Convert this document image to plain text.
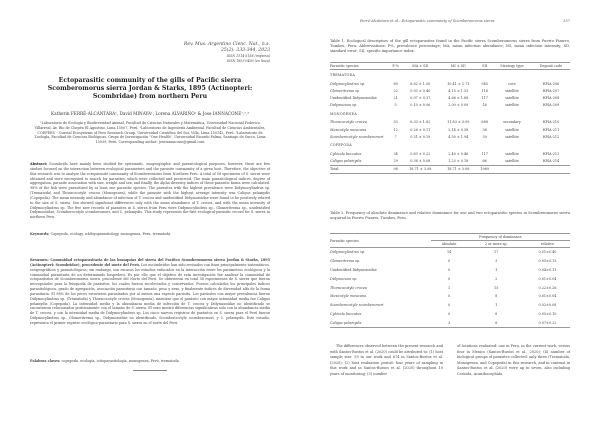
Rev. Mus. Argentino Cienc. Nat., n.s.
25(2): 333-344, 2023
ISSN 1514-5158 (impresa)
ISSN 1853-0400 (en línea)
Ectoparasitic community of the gills of Pacific sierra Scomberomorus sierra Jordan & Starks, 1895 (Actinopteri: Scombridae) from northern Peru
Katherin FERRÉ-ALCÁNTARA¹, David MINAYA¹, Lorena ALVARIÑO¹ & Jose IANNACONE¹,²,³
¹Laboratorio de Ecología y Biodiversidad Animal, Facultad de Ciencias Naturales y Matemática, Universidad Nacional Federico Villarreal, Av. Río de Chepén El Agustino, Lima 15007, Perú. ²Laboratorio de Ingeniería Ambiental. Facultad de Ciencias Ambientales, COEPERU - Coastal Ecosystems of Peru Research Group, Universidad Científica del Sur, Villa, Lima 150142, Perú. ³Laboratorio de Zoología, Facultad de Ciencias Biológicas, Grupo de Investigación "One Health", Universidad Ricardo Palma, Santiago de Surco, Lima 15039, Perú. Corresponding author: joseiannacone@gmail.com
Abstract: Scombrids have mainly been studied for systematic, zoogeographic and parasitological purposes; however, there are few studies focused on the interaction between ecological parameters and the parasite community of a given host. Therefore, the objective of this research was to analyze the ectoparasite community of Scomberomorus from Northern Peru. A total of 58 specimens of S. sierra were obtained and were necropsied to search for parasites, which were collected and preserved. The main parasitological indices, degree of aggregation, parasite association with size, weight and sex, and finally, the alpha diversity indices of these parasitic fauna were calculated. 98% of the fish were parasitized by at least one parasitic species. The parasites with the highest prevalence were Didymocylindrus sp. (Trematoda) and Thoracocotyle crocea (Monogenea), while the parasite with the highest average intensity was Caligus pelamydis (Copepoda). The mean intensity and abundance of infection of T. crocea and unidentified Didymozoidae were found to be positively related to the size of S. sierra. Sex showed significant differences only with the mean abundance of T. crocea, and with the mean intensity of Didymocylindrus sp. The five new records of parasites in S. sierra from Peru were Didymocylindrus sp., Glomeritrema sp., unidentified Didymozoidae, Scomberocotyle scomberomori, and C. pelamydis. This study represents the first ecological-parasitic record for S. sierra in northern Peru.
Keywords: Copepoda, ecology, ichthyoparasitology, monogenea, Peru, trematoda
Resumen: Comunidad ectoparasitaria de las branquias del sierra del Pacífico Scomberomorus sierra Jordan & Starks, 1895 (Actinopteri: Scombridae), procedente del norte del Perú. Los escómbridos han sido revisados con fines principalmente sistemáticos, zoogeográficos y parasitológicos; sin embargo, son escasos los estudios enfocados en la interacción entre los parámetros ecológicos y la comunidad parasitaria de un determinado hospedero. Es por ello que el objetivo de esta investigación fue analizar la comunidad de ectoparásitos de Scomberomorus sierra, procedente del Norte del Perú. Se obtuvieron en total 58 especímenes de S. sierra que fueron necropsiados para la búsqueda de parásitos, los cuales fueron recolectados y conservados. Fueron calculados los principales índices parasitológicos, grado de agregación, asociación parasitaria con tamaño, peso y sexo, y finalmente índices de diversidad alfa de la fauna parasitaria. El 98% de los peces estuvieron parasitados por al menos una especie parásita. Los parásitos con mayor prevalencia fueron Didymocylindrus sp. (Trematoda) y Thoracocotyle crocea (Monogenea), mientras que el parásito con mayor intensidad media fue Caligus pelamydis (Copepoda). La intensidad media y la abundancia media de infección de T. crocea y Didymozoidae no identificado se encontraron relacionados positivamente con el tamaño de S. sierra. El sexo mostró diferencias significativas solo con la abundancia media de T. crocea, y con la intensidad media de Didymocylindrus sp. Los cinco nuevos registros de parásitos en S. sierra para el Perú fueron Didymocylindrus sp., Glomeritrema sp., Didymozoidae no identificado, Scomberocotyle scomberomori, y C. pelamydis. Este estudio, representa el primer registro ecológico-parasitario para S. sierra en el norte del Perú.
Palabras claves: copepoda, ecología, ictioparasitología, monogenea, Perú, trematoda
Ferré-Alcántara et al.: Ectoparasitic community of Scomberomorus sierra	337
Table 1. Ecological descriptors of the gill ectoparasites found in the Pacific sierra Scomberomorus sierra from Puerto Pizarro, Tumbes, Peru. Abbreviations: P%, prevalence percentage; MA, mean infection abundance; MI, mean infection intensity; SD, standard error; SII, specific importance index.
Parasitic species	P %	MA ± SD	MI ± SD	SII	Strategy type	Deposit code
TREMATODA						
Didymocylindrus sp.	80	8.62 ± 1.50	10.41 ± 1.71	945	core	HPIA-206
Glomeritrema sp.	22	0.93 ± 0.40	4.15 ± 1.53	116	satellite	HPIA-207
Unidentified Didymozoidae	21	0.97 ± 0.37	4.66 ± 1.68	117	satellite	HPIA-208
Didymozoon sp.	5	0.10 ± 0.06	2.00 ± 0.09	16	satellite	HPIA-209
MONOGENEA						
Thoracocotyle crocea	53	6.33 ± 1.82	11.83 ± 3.09	688	secondary	HPIA-210
Mexicotyle mexicana	12	0.26 ± 0.11	2.14 ± 0.58	38	satellite	HPIA-211
Scomberocotyle scomberomori	7	0.31 ± 0.19	4.50 ± 1.94	39	satellite	HPIA-212
COPEPODA						
Cybicola buccatus	34	0.83 ± 0.22	2.40 ± 0.46	117	satellite	HPIA-213
Caligus pelamydis	29	0.36 ± 0.08	1.23 ± 0.18	66	satellite	HPIA-214
Total	98	18.71 ± 3.08	18.71 ± 3.08	1969		
Table 2. Frequency of absolute dominance and relative dominance for one and two ectoparasitic species in Scomberomorus sierra acquired in Puerto Pizarro, Tumbes, Peru.
Parasitic species	Frequency of dominance		
	absolute	2 or more sp.	relative
Didymocylindrus sp.	14	17	0.51±0.40
Glomeritrema sp.	0	3	0.05±0.13
Unidentified Didymozoidae	0	1	0.04±0.11
Didymozoon sp.	0	2	0.01±0.04
Thoracocotyle crocea	1	15	0.22±0.26
Mexicotyle mexicana	0	8	0.01±0.04
Scomberocotyle scomberomori	0	1	0.02±0.08
Cybicola buccatus	0	8	0.05±0.10
Caligus pelamydis	3	8	0.07±0.22
The differences observed between the present research and with Santos-Bustos et al. (2020) could be attributed to: (1) host sample size: 59 in our work and 674 in Santos-Bustos et al. (2020); (2) host evaluation period: four years of sampling in this work and in Santos-Bustos et al. (2020) throughout 10 years of monitoring; (3) number
of locations evaluated: one in Peru, in the current work, versus four in Mexico (Santos-Bustos et al., 2020); (4) number of biological groups of parasites collected: only three (Trematoda, Monogenea, and Copepoda) in this research, and in contrast in Santos-Bustos et al. (2020) were up to seven, also including Cestoda, Acanthocephala,
